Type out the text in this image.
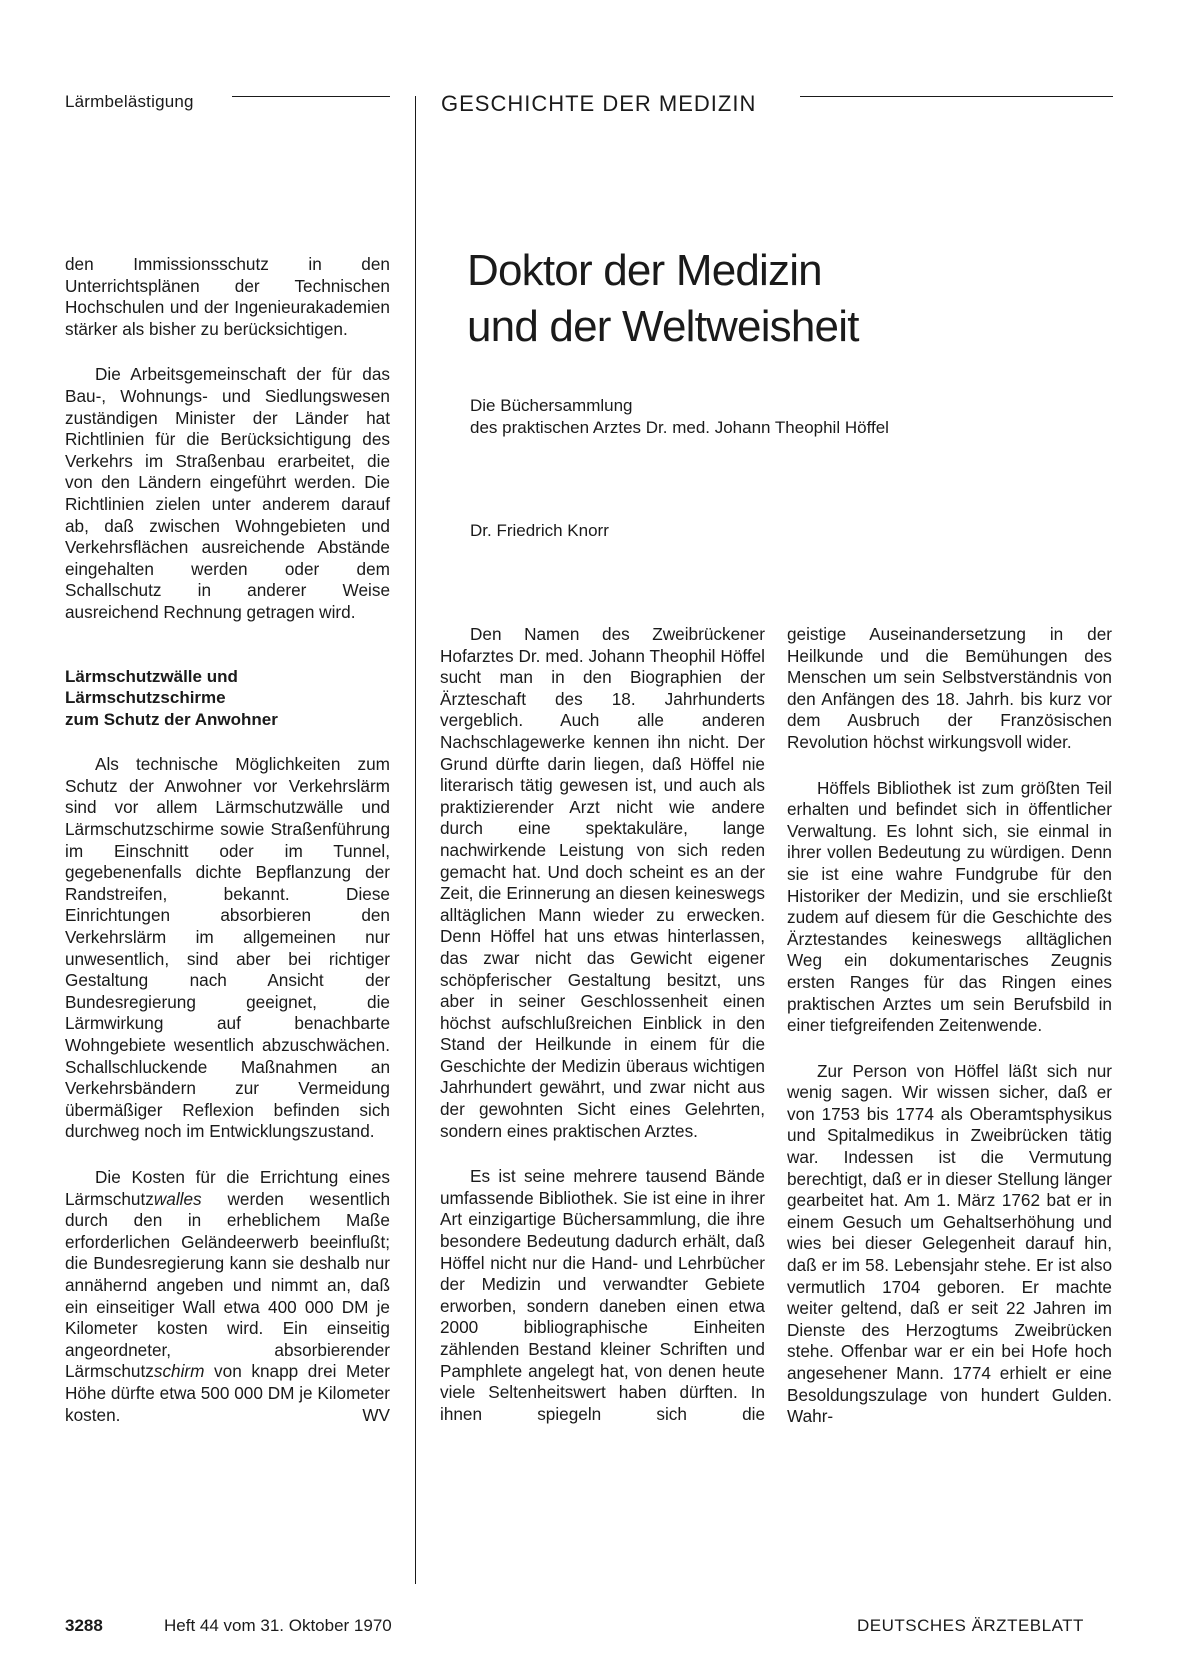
Lärmbelästigung	GESCHICHTE DER MEDIZIN
Doktor der Medizin
und der Weltweisheit
Die Büchersammlung
des praktischen Arztes Dr. med. Johann Theophil Höffel
Dr. Friedrich Knorr

den Immissionsschutz in den Unterrichtsplänen der Technischen Hochschulen und der Ingenieurakademien stärker als bisher zu berücksichtigen.

Die Arbeitsgemeinschaft der für das Bau-, Wohnungs- und Siedlungswesen zuständigen Minister der Länder hat Richtlinien für die Berücksichtigung des Verkehrs im Straßenbau erarbeitet, die von den Ländern eingeführt werden. Die Richtlinien zielen unter anderem darauf ab, daß zwischen Wohngebieten und Verkehrsflächen ausreichende Abstände eingehalten werden oder dem Schallschutz in anderer Weise ausreichend Rechnung getragen wird.

Lärmschutzwälle und
Lärmschutzschirme
zum Schutz der Anwohner

Als technische Möglichkeiten zum Schutz der Anwohner vor Verkehrslärm sind vor allem Lärmschutzwälle und Lärmschutzschirme sowie Straßenführung im Einschnitt oder im Tunnel, gegebenenfalls dichte Bepflanzung der Randstreifen, bekannt. Diese Einrichtungen absorbieren den Verkehrslärm im allgemeinen nur unwesentlich, sind aber bei richtiger Gestaltung nach Ansicht der Bundesregierung geeignet, die Lärmwirkung auf benachbarte Wohngebiete wesentlich abzuschwächen. Schallschluckende Maßnahmen an Verkehrsbändern zur Vermeidung übermäßiger Reflexion befinden sich durchweg noch im Entwicklungszustand.

Die Kosten für die Errichtung eines Lärmschutzwalles werden wesentlich durch den in erheblichem Maße erforderlichen Geländeerwerb beeinflußt; die Bundesregierung kann sie deshalb nur annähernd angeben und nimmt an, daß ein einseitiger Wall etwa 400 000 DM je Kilometer kosten wird. Ein einseitig angeordneter, absorbierender Lärmschutzschirm von knapp drei Meter Höhe dürfte etwa 500 000 DM je Kilometer kosten.	WV

Den Namen des Zweibrückener Hofarztes Dr. med. Johann Theophil Höffel sucht man in den Biographien der Ärzteschaft des 18. Jahrhunderts vergeblich. Auch alle anderen Nachschlagewerke kennen ihn nicht. Der Grund dürfte darin liegen, daß Höffel nie literarisch tätig gewesen ist, und auch als praktizierender Arzt nicht wie andere durch eine spektakuläre, lange nachwirkende Leistung von sich reden gemacht hat. Und doch scheint es an der Zeit, die Erinnerung an diesen keineswegs alltäglichen Mann wieder zu erwecken. Denn Höffel hat uns etwas hinterlassen, das zwar nicht das Gewicht eigener schöpferischer Gestaltung besitzt, uns aber in seiner Geschlossenheit einen höchst aufschlußreichen Einblick in den Stand der Heilkunde in einem für die Geschichte der Medizin überaus wichtigen Jahrhundert gewährt, und zwar nicht aus der gewohnten Sicht eines Gelehrten, sondern eines praktischen Arztes.

Es ist seine mehrere tausend Bände umfassende Bibliothek. Sie ist eine in ihrer Art einzigartige Büchersammlung, die ihre besondere Bedeutung dadurch erhält, daß Höffel nicht nur die Hand- und Lehrbücher der Medizin und verwandter Gebiete erworben, sondern daneben einen etwa 2000 bibliographische Einheiten zählenden Bestand kleiner Schriften und Pamphlete angelegt hat, von denen heute viele Seltenheitswert haben dürften. In ihnen spiegeln sich die

geistige Auseinandersetzung in der Heilkunde und die Bemühungen des Menschen um sein Selbstverständnis von den Anfängen des 18. Jahrh. bis kurz vor dem Ausbruch der Französischen Revolution höchst wirkungsvoll wider.

Höffels Bibliothek ist zum größten Teil erhalten und befindet sich in öffentlicher Verwaltung. Es lohnt sich, sie einmal in ihrer vollen Bedeutung zu würdigen. Denn sie ist eine wahre Fundgrube für den Historiker der Medizin, und sie erschließt zudem auf diesem für die Geschichte des Ärztestandes keineswegs alltäglichen Weg ein dokumentarisches Zeugnis ersten Ranges für das Ringen eines praktischen Arztes um sein Berufsbild in einer tiefgreifenden Zeitenwende.

Zur Person von Höffel läßt sich nur wenig sagen. Wir wissen sicher, daß er von 1753 bis 1774 als Oberamtsphysikus und Spitalmedikus in Zweibrücken tätig war. Indessen ist die Vermutung berechtigt, daß er in dieser Stellung länger gearbeitet hat. Am 1. März 1762 bat er in einem Gesuch um Gehaltserhöhung und wies bei dieser Gelegenheit darauf hin, daß er im 58. Lebensjahr stehe. Er ist also vermutlich 1704 geboren. Er machte weiter geltend, daß er seit 22 Jahren im Dienste des Herzogtums Zweibrücken stehe. Offenbar war er ein bei Hofe hoch angesehener Mann. 1774 erhielt er eine Besoldungszulage von hundert Gulden. Wahr-

3288	Heft 44 vom 31. Oktober 1970	DEUTSCHES ÄRZTEBLATT
